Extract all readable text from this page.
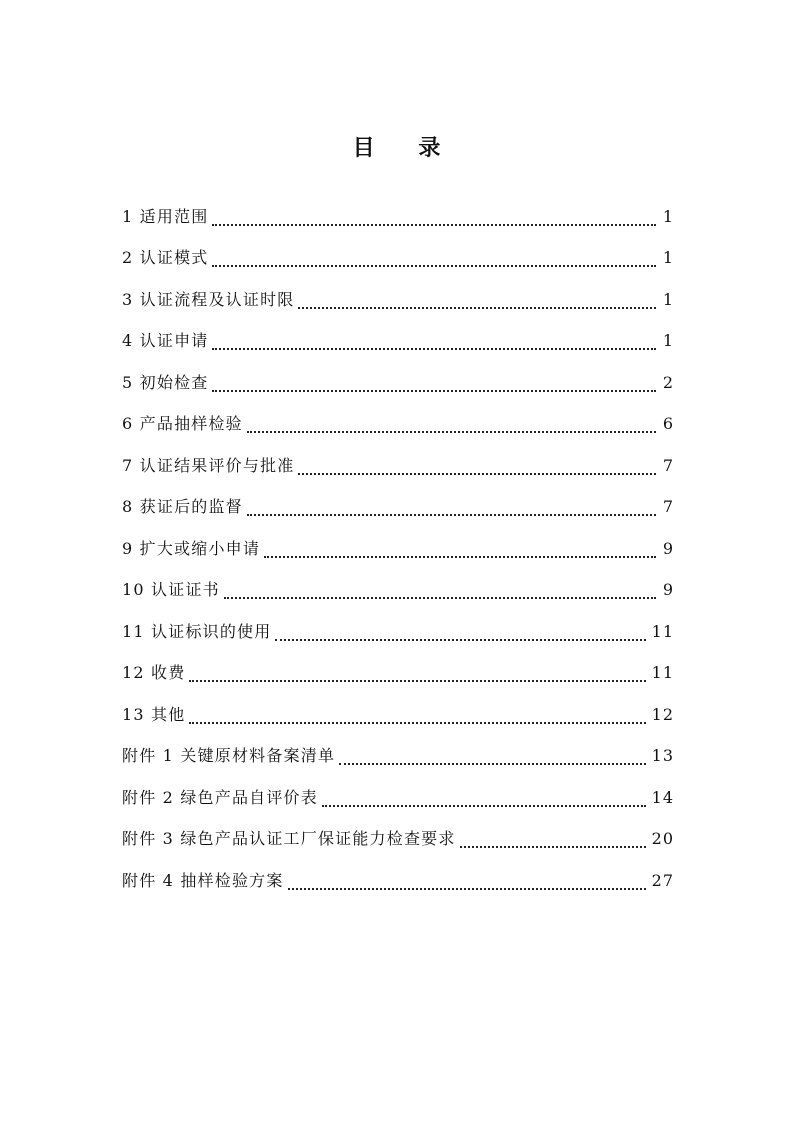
目 录
1 适用范围	1
2 认证模式	1
3 认证流程及认证时限	1
4 认证申请	1
5 初始检查	2
6 产品抽样检验	6
7 认证结果评价与批准	7
8 获证后的监督	7
9 扩大或缩小申请	9
10 认证证书	9
11 认证标识的使用	11
12 收费	11
13 其他	12
附件 1 关键原材料备案清单	13
附件 2 绿色产品自评价表	14
附件 3 绿色产品认证工厂保证能力检查要求	20
附件 4 抽样检验方案	27
